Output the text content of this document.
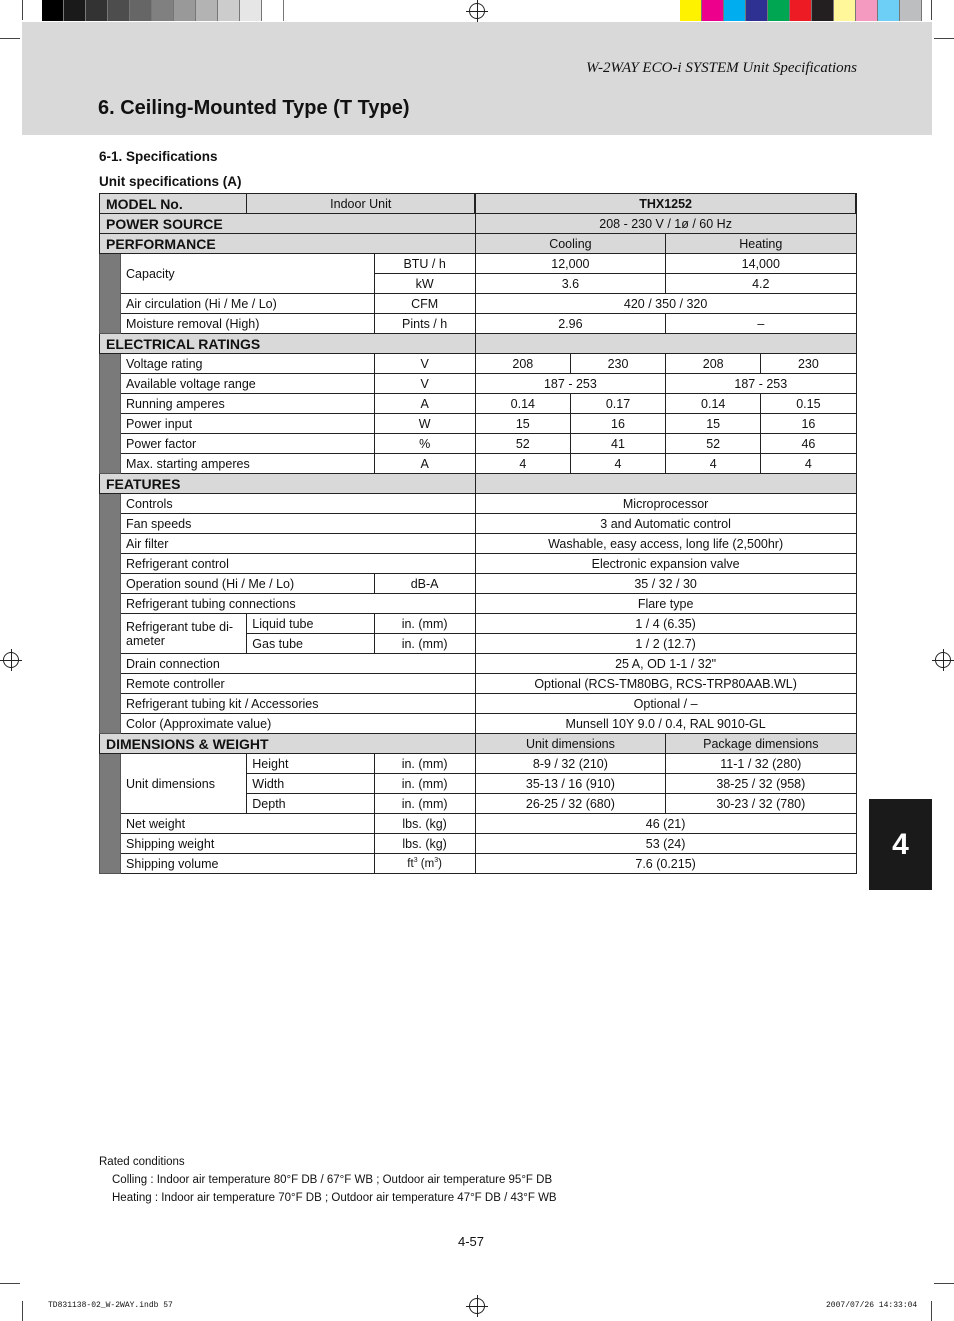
W-2WAY ECO-i SYSTEM Unit Specifications
6. Ceiling-Mounted Type (T Type)
6-1. Specifications
Unit specifications (A)
MODEL No.		Indoor Unit		THX1252			
POWER SOURCE				208 - 230 V / 1ø / 60 Hz			
PERFORMANCE				Cooling		Heating	
	Capacity		BTU / h	12,000		14,000	
			kW	3.6		4.2	
	Air circulation (Hi / Me / Lo)		CFM	420 / 350 / 320			
	Moisture removal (High)		Pints / h	2.96		–	
ELECTRICAL RATINGS							
	Voltage rating		V	208	230	208	230
	Available voltage range		V	187 - 253		187 - 253	
	Running amperes		A	0.14	0.17	0.14	0.15
	Power input		W	15	16	15	16
	Power factor		%	52	41	52	46
	Max. starting amperes		A	4	4	4	4
FEATURES							
	Controls			Microprocessor			
	Fan speeds			3 and Automatic control			
	Air filter			Washable, easy access, long life (2,500hr)			
	Refrigerant control			Electronic expansion valve			
	Operation sound (Hi / Me / Lo)		dB-A	35 / 32 / 30			
	Refrigerant tubing connections			Flare type			
	Refrigerant tube di- ameter	Liquid tube	in. (mm)	1 / 4 (6.35)			
		Gas tube	in. (mm)	1 / 2 (12.7)			
	Drain connection			25 A, OD 1-1 / 32"			
	Remote controller			Optional (RCS-TM80BG, RCS-TRP80AAB.WL)			
	Refrigerant tubing kit / Accessories			Optional / –			
	Color (Approximate value)			Munsell 10Y 9.0 / 0.4, RAL 9010-GL			
DIMENSIONS & WEIGHT				Unit dimensions		Package dimensions	
	Unit dimensions	Height	in. (mm)	8-9 / 32 (210)		11-1 / 32 (280)	
		Width	in. (mm)	35-13 / 16 (910)		38-25 / 32 (958)	
		Depth	in. (mm)	26-25 / 32 (680)		30-23 / 32 (780)	
	Net weight		lbs. (kg)	46 (21)			
	Shipping weight		lbs. (kg)	53 (24)			
	Shipping volume		$ft^3$ $(m^3)$	7.6 (0.215)			
4
Rated conditions
Colling : Indoor air temperature 80°F DB / 67°F WB ; Outdoor air temperature 95°F DB
Heating : Indoor air temperature 70°F DB ; Outdoor air temperature 47°F DB / 43°F WB
4-57
TD831138-02_W-2WAY.indb 57	2007/07/26 14:33:04
